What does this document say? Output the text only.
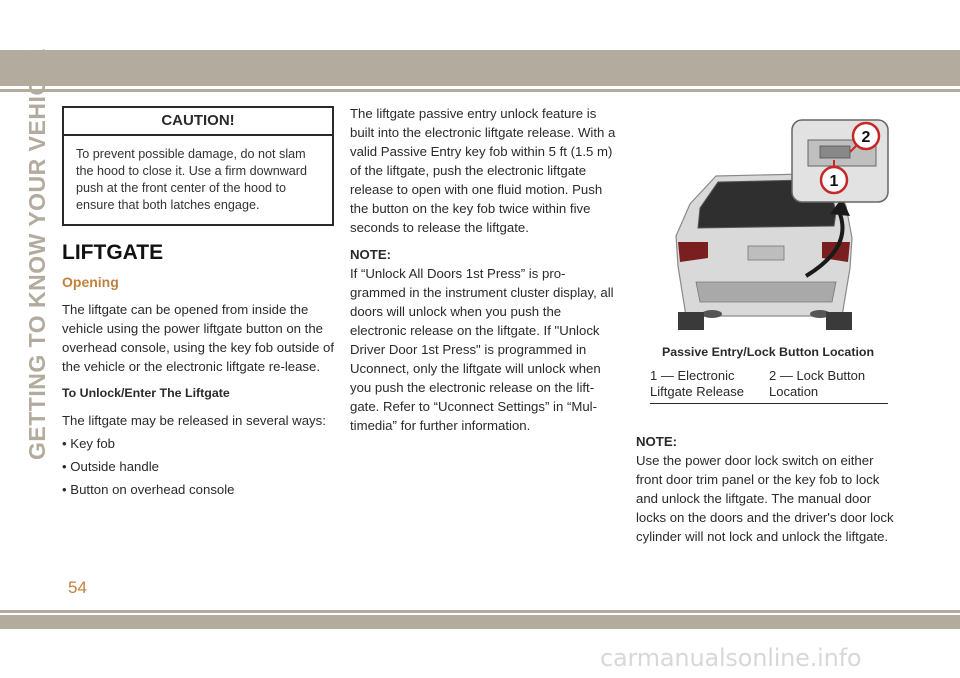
GETTING TO KNOW YOUR VEHICLE	CAUTION!
To prevent possible damage, do not slam the hood to close it. Use a firm downward push at the front center of the hood to ensure that both latches engage.
LIFTGATE
Opening

The liftgate can be opened from inside the vehicle using the power liftgate button on the overhead console, using the key fob outside of the vehicle or the electronic liftgate re-lease.

To Unlock/Enter The Liftgate

The liftgate may be released in several ways:

• Key fob

• Outside handle

• Button on overhead console

The liftgate passive entry unlock feature is built into the electronic liftgate release. With a valid Passive Entry key fob within 5 ft (1.5 m) of the liftgate, push the electronic liftgate release to open with one fluid motion. Push the button on the key fob twice within five seconds to release the liftgate.

NOTE:

If “Unlock All Doors 1st Press” is pro-grammed in the instrument cluster display, all doors will unlock when you push the electronic release on the liftgate. If "Unlock Driver Door 1st Press" is programmed in Uconnect, only the liftgate will unlock when you push the electronic release on the lift-gate. Refer to “Uconnect Settings” in “Mul-timedia” for further information.

2
1
Passive Entry/Lock Button Location
1 — Electronic Liftgate Release
2 — Lock Button Location

NOTE:

Use the power door lock switch on either front door trim panel or the key fob to lock and unlock the liftgate. The manual door locks on the doors and the driver's door lock cylinder will not lock and unlock the liftgate.

54
carmanualsonline.info
